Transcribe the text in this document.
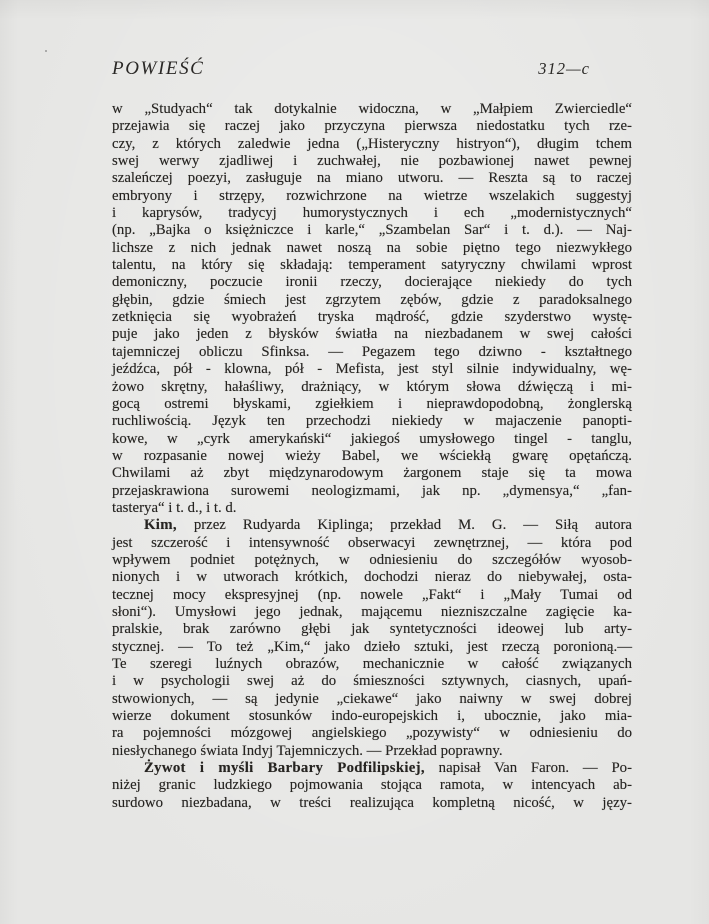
POWIEŚĆ	312—c
w „Studyach“ tak dotykalnie widoczna, w „Małpiem Zwierciedle“
przejawia się raczej jako przyczyna pierwsza niedostatku tych rze-
czy, z których zaledwie jedna („Histeryczny histryon“), długim tchem
swej werwy zjadliwej i zuchwałej, nie pozbawionej nawet pewnej
szaleńczej poezyi, zasługuje na miano utworu. — Reszta są to raczej
embryony i strzępy, rozwichrzone na wietrze wszelakich suggestyj
i kaprysów, tradycyj humorystycznych i ech „modernistycznych“
(np. „Bajka o księżniczce i karle,“ „Szambelan Sar“ i t. d.). — Naj-
lichsze z nich jednak nawet noszą na sobie piętno tego niezwykłego
talentu, na który się składają: temperament satyryczny chwilami wprost
demoniczny, poczucie ironii rzeczy, docierające niekiedy do tych
głębin, gdzie śmiech jest zgrzytem zębów, gdzie z paradoksalnego
zetknięcia się wyobrażeń tryska mądrość, gdzie szyderstwo wystę-
puje jako jeden z błysków światła na niezbadanem w swej całości
tajemniczej obliczu Sfinksa. — Pegazem tego dziwno - kształtnego
jeźdźca, pół - klowna, pół - Mefista, jest styl silnie indywidualny, wę-
żowo skrętny, hałaśliwy, drażniący, w którym słowa dźwięczą i mi-
gocą ostremi błyskami, zgiełkiem i nieprawdopodobną, żonglerską
ruchliwością. Język ten przechodzi niekiedy w majaczenie panopti-
kowe, w „cyrk amerykański“ jakiegoś umysłowego tingel - tanglu,
w rozpasanie nowej wieży Babel, we wściekłą gwarę opętańczą.
Chwilami aż zbyt międzynarodowym żargonem staje się ta mowa
przejaskrawiona surowemi neologizmami, jak np. „dymensya,“ „fan-
tasterya“ i t. d., i t. d.
Kim, przez Rudyarda Kiplinga; przekład M. G. — Siłą autora
jest szczerość i intensywność obserwacyi zewnętrznej, — która pod
wpływem podniet potężnych, w odniesieniu do szczegółów wyosob-
nionych i w utworach krótkich, dochodzi nieraz do niebywałej, osta-
tecznej mocy ekspresyjnej (np. nowele „Fakt“ i „Mały Tumai od
słoni“). Umysłowi jego jednak, mającemu niezniszczalne zagięcie ka-
pralskie, brak zarówno głębi jak syntetyczności ideowej lub arty-
stycznej. — To też „Kim,“ jako dzieło sztuki, jest rzeczą poronioną.—
Te szeregi luźnych obrazów, mechanicznie w całość związanych
i w psychologii swej aż do śmieszności sztywnych, ciasnych, upań-
stwowionych, — są jedynie „ciekawe“ jako naiwny w swej dobrej
wierze dokument stosunków indo-europejskich i, ubocznie, jako mia-
ra pojemności mózgowej angielskiego „pozywisty“ w odniesieniu do
niesłychanego świata Indyj Tajemniczych. — Przekład poprawny.
Żywot i myśli Barbary Podfilipskiej, napisał Van Faron. — Po-
niżej granic ludzkiego pojmowania stojąca ramota, w intencyach ab-
surdowo niezbadana, w treści realizująca kompletną nicość, w języ-
